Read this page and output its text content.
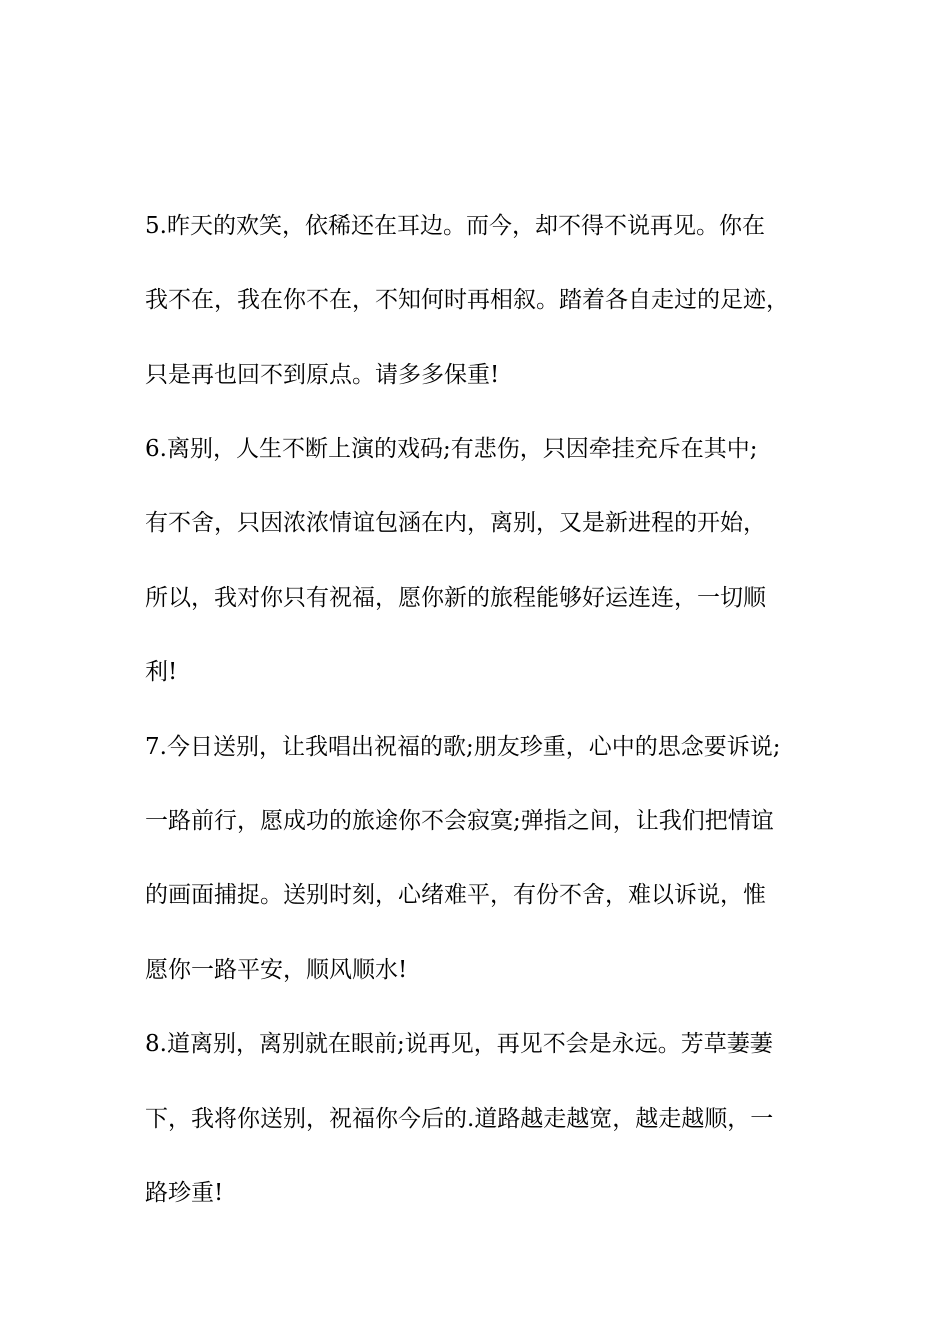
5.昨天的欢笑，依稀还在耳边。而今，却不得不说再见。你在
我不在，我在你不在，不知何时再相叙。踏着各自走过的足迹，
只是再也回不到原点。请多多保重!
6.离别，人生不断上演的戏码;有悲伤，只因牵挂充斥在其中;
有不舍，只因浓浓情谊包涵在内，离别，又是新进程的开始，
所以，我对你只有祝福，愿你新的旅程能够好运连连，一切顺
利!
7.今日送别，让我唱出祝福的歌;朋友珍重，心中的思念要诉说;
一路前行，愿成功的旅途你不会寂寞;弹指之间，让我们把情谊
的画面捕捉。送别时刻，心绪难平，有份不舍，难以诉说，惟
愿你一路平安，顺风顺水!
8.道离别，离别就在眼前;说再见，再见不会是永远。芳草萋萋
下，我将你送别，祝福你今后的.道路越走越宽，越走越顺，一
路珍重!
